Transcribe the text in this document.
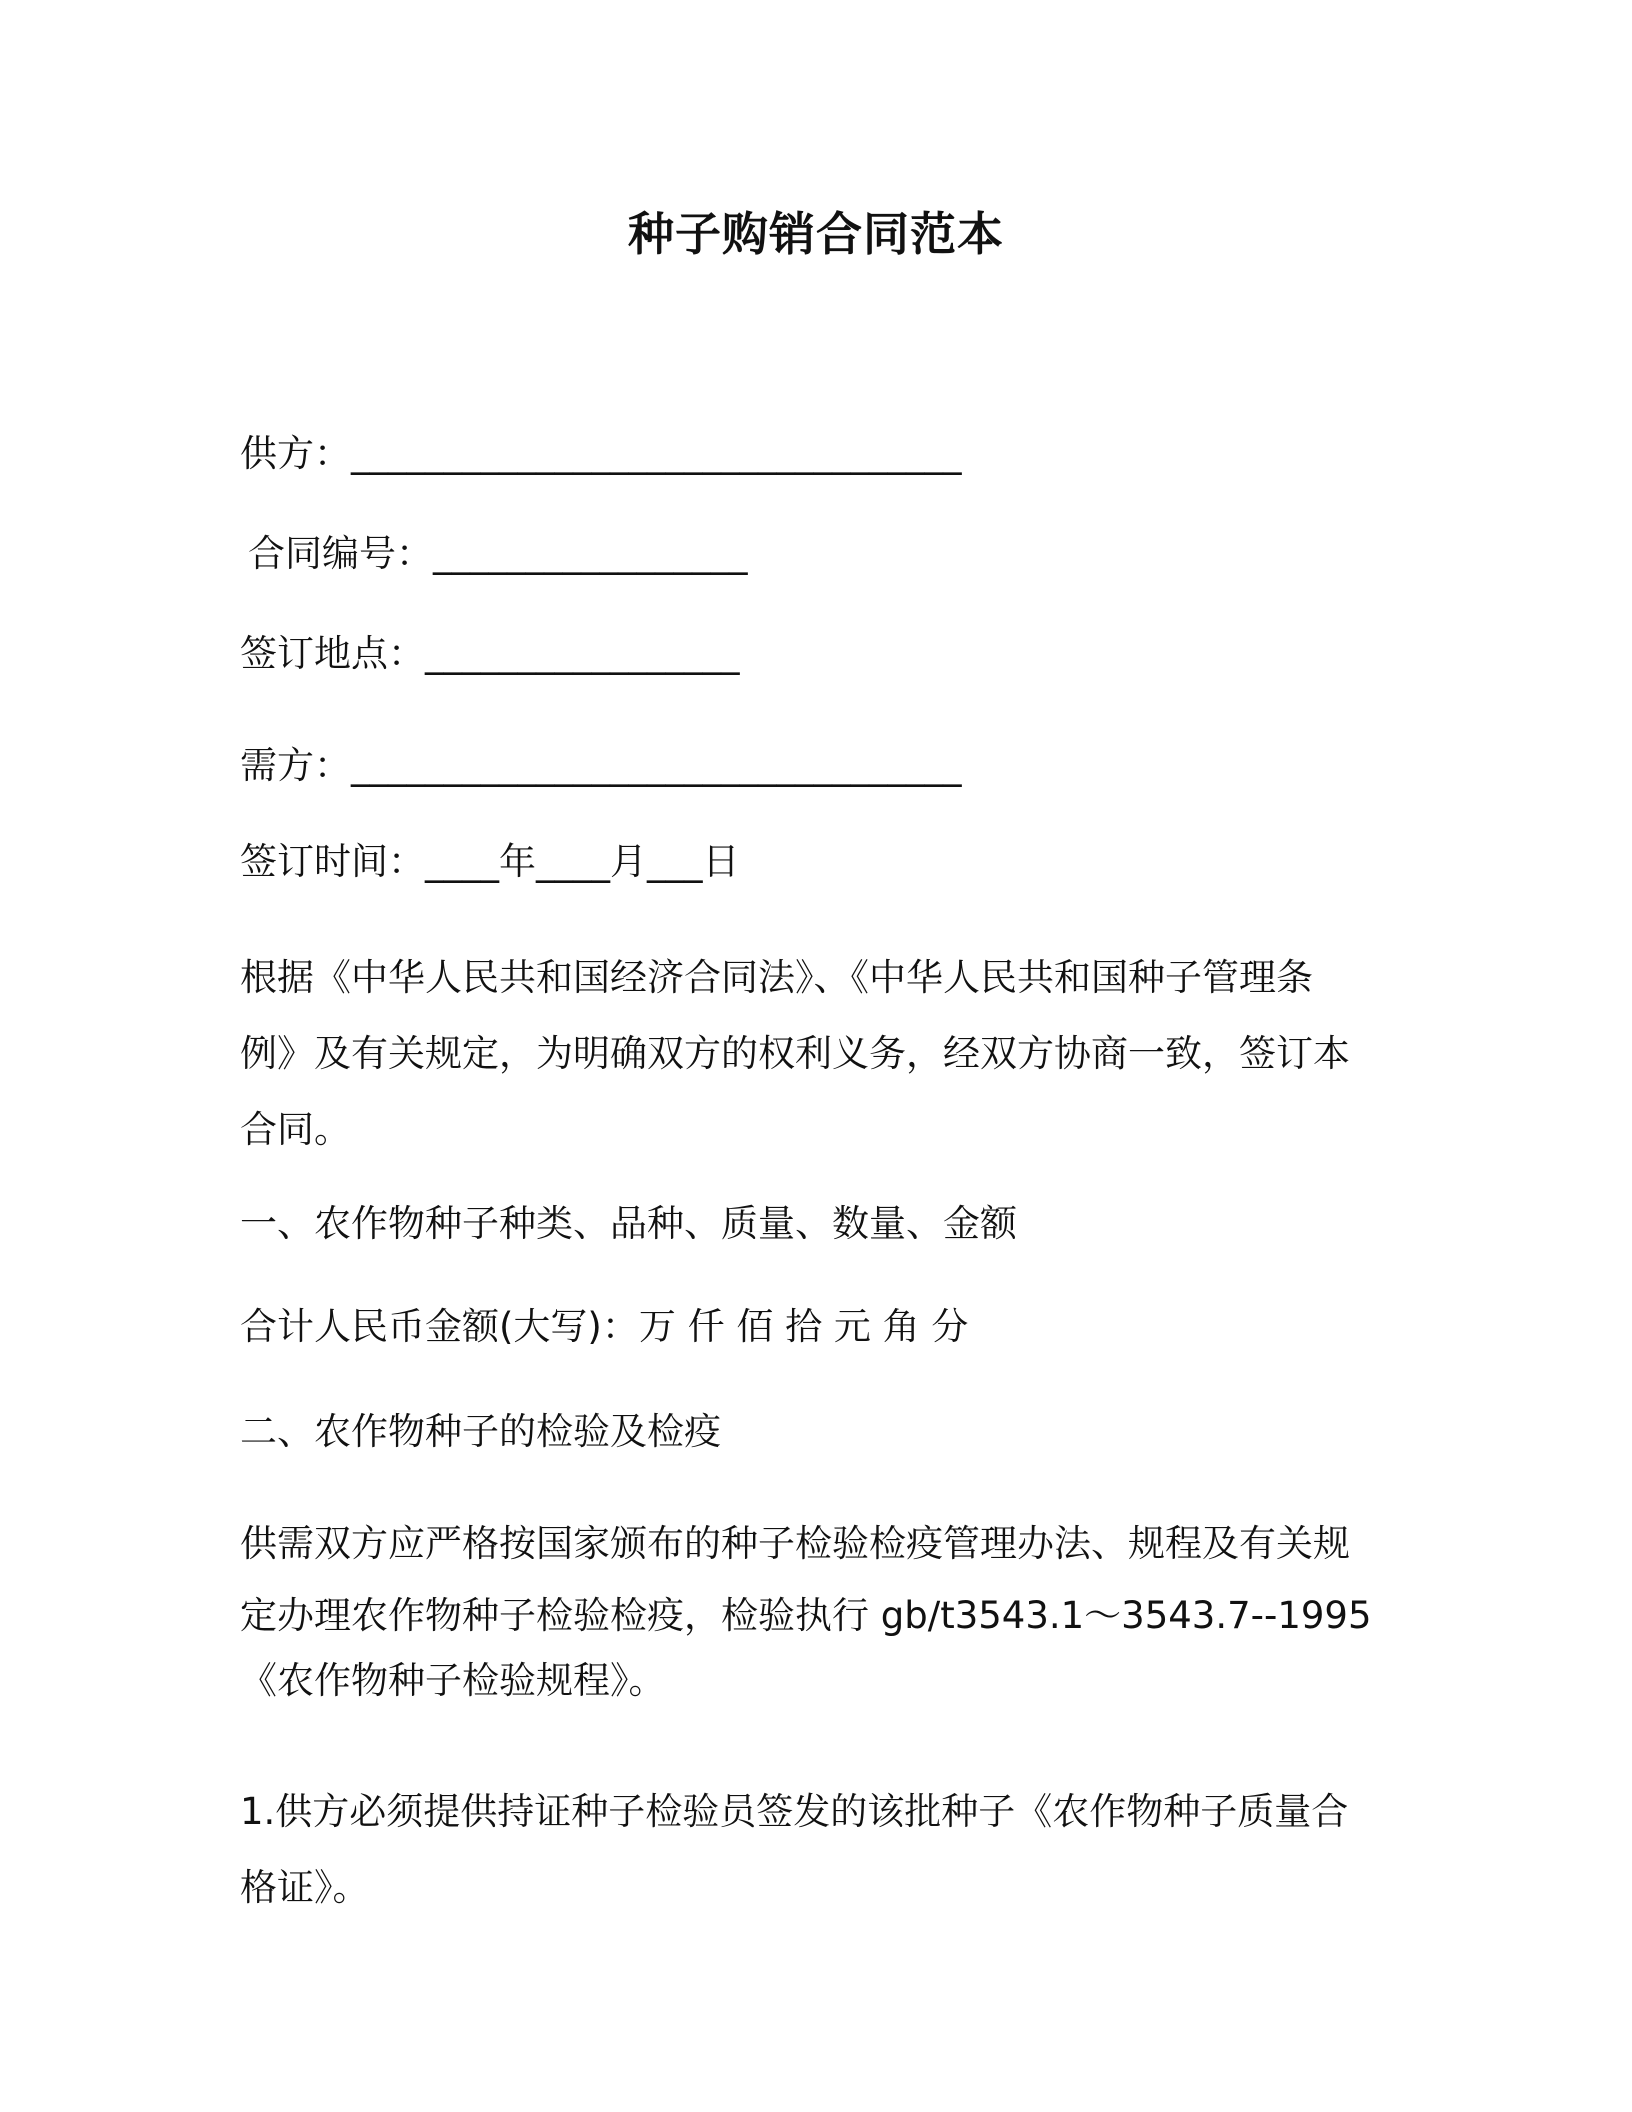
种子购销合同范本

供方：_________________________________

合同编号：_________________

签订地点：_________________

需方：_________________________________

签订时间：____年____月___日

根据《中华人民共和国经济合同法》、《中华人民共和国种子管理条
例》及有关规定，为明确双方的权利义务，经双方协商一致，签订本
合同。

一、农作物种子种类、品种、质量、数量、金额

合计人民币金额(大写)：万 仟 佰 拾 元 角 分

二、农作物种子的检验及检疫

供需双方应严格按国家颁布的种子检验检疫管理办法、规程及有关规
定办理农作物种子检验检疫，检验执行 gb/t3543.1～3543.7--1995
《农作物种子检验规程》。
1.供方必须提供持证种子检验员签发的该批种子《农作物种子质量合
格证》。
